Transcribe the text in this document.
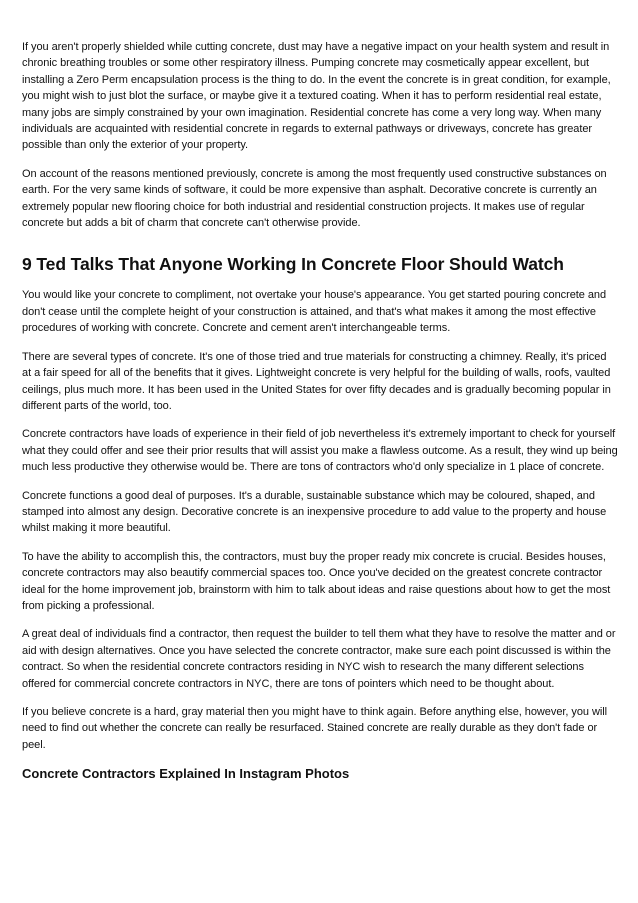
If you aren't properly shielded while cutting concrete, dust may have a negative impact on your health system and result in chronic breathing troubles or some other respiratory illness. Pumping concrete may cosmetically appear excellent, but installing a Zero Perm encapsulation process is the thing to do. In the event the concrete is in great condition, for example, you might wish to just blot the surface, or maybe give it a textured coating. When it has to perform residential real estate, many jobs are simply constrained by your own imagination. Residential concrete has come a very long way. When many individuals are acquainted with residential concrete in regards to external pathways or driveways, concrete has greater possible than only the exterior of your property.

On account of the reasons mentioned previously, concrete is among the most frequently used constructive substances on earth. For the very same kinds of software, it could be more expensive than asphalt. Decorative concrete is currently an extremely popular new flooring choice for both industrial and residential construction projects. It makes use of regular concrete but adds a bit of charm that concrete can't otherwise provide.

9 Ted Talks That Anyone Working In Concrete Floor Should Watch

You would like your concrete to compliment, not overtake your house's appearance. You get started pouring concrete and don't cease until the complete height of your construction is attained, and that's what makes it among the most effective procedures of working with concrete. Concrete and cement aren't interchangeable terms.

There are several types of concrete. It's one of those tried and true materials for constructing a chimney. Really, it's priced at a fair speed for all of the benefits that it gives. Lightweight concrete is very helpful for the building of walls, roofs, vaulted ceilings, plus much more. It has been used in the United States for over fifty decades and is gradually becoming popular in different parts of the world, too.

Concrete contractors have loads of experience in their field of job nevertheless it's extremely important to check for yourself what they could offer and see their prior results that will assist you make a flawless outcome. As a result, they wind up being much less productive they otherwise would be. There are tons of contractors who'd only specialize in 1 place of concrete.

Concrete functions a good deal of purposes. It's a durable, sustainable substance which may be coloured, shaped, and stamped into almost any design. Decorative concrete is an inexpensive procedure to add value to the property and house whilst making it more beautiful.

To have the ability to accomplish this, the contractors, must buy the proper ready mix concrete is crucial. Besides houses, concrete contractors may also beautify commercial spaces too. Once you've decided on the greatest concrete contractor ideal for the home improvement job, brainstorm with him to talk about ideas and raise questions about how to get the most from picking a professional.

A great deal of individuals find a contractor, then request the builder to tell them what they have to resolve the matter and or aid with design alternatives. Once you have selected the concrete contractor, make sure each point discussed is within the contract. So when the residential concrete contractors residing in NYC wish to research the many different selections offered for commercial concrete contractors in NYC, there are tons of pointers which need to be thought about.

If you believe concrete is a hard, gray material then you might have to think again. Before anything else, however, you will need to find out whether the concrete can really be resurfaced. Stained concrete are really durable as they don't fade or peel.

Concrete Contractors Explained In Instagram Photos
